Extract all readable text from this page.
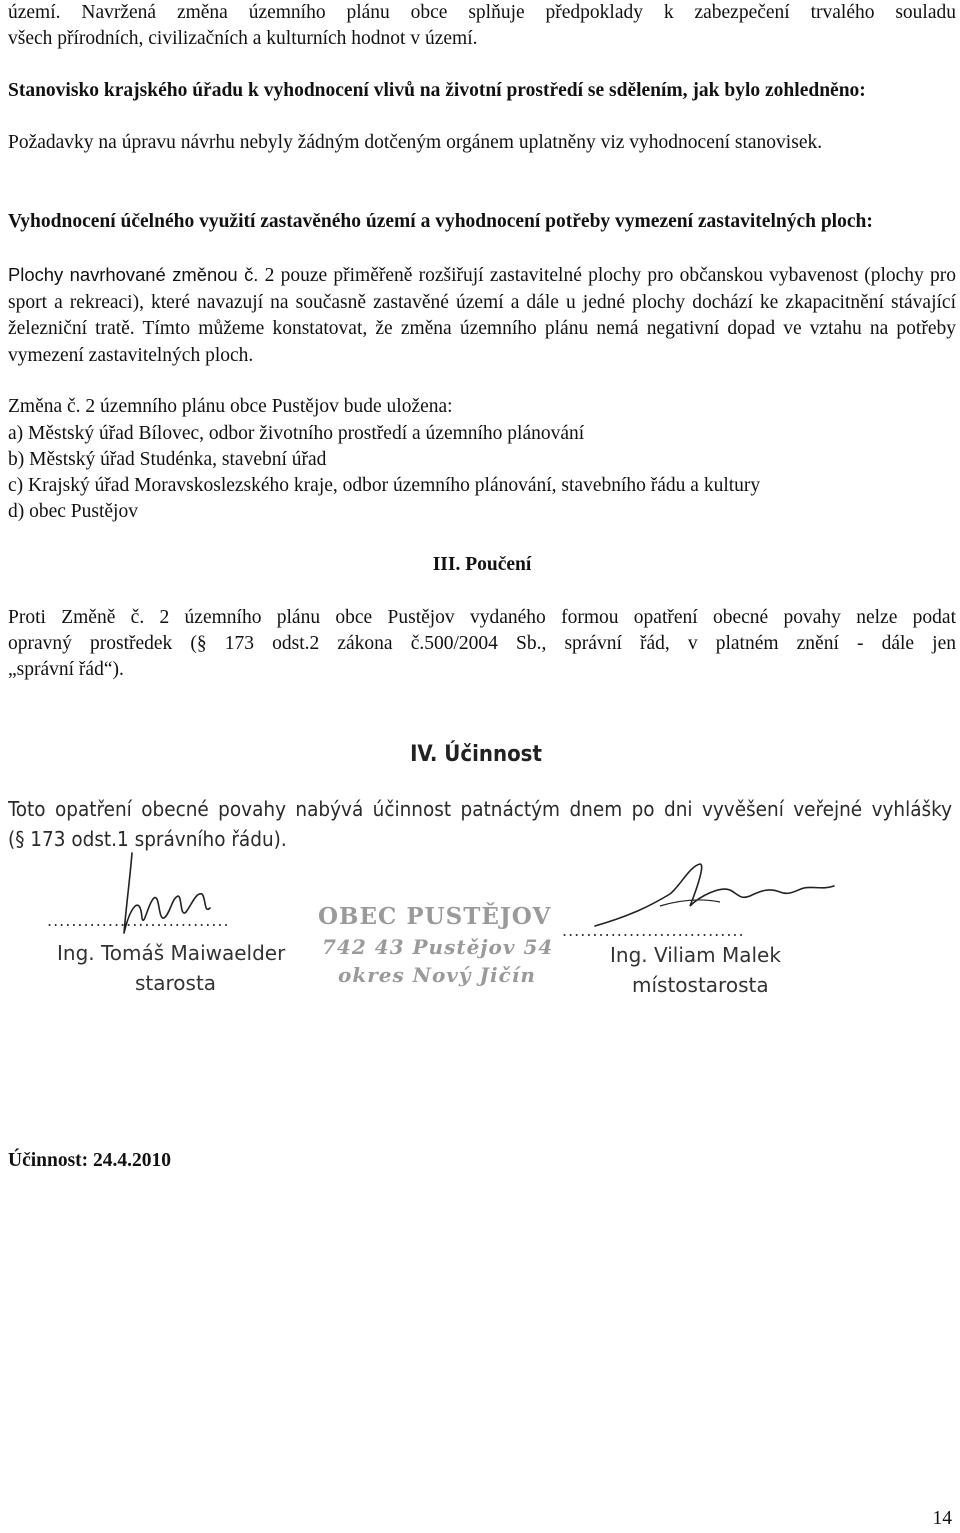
území. Navržená změna územního plánu obce splňuje předpoklady k zabezpečení trvalého souladu

všech přírodních, civilizačních a kulturních hodnot v území.

Stanovisko krajského úřadu k vyhodnocení vlivů na životní prostředí se sdělením, jak bylo zohledněno:

Požadavky na úpravu návrhu nebyly žádným dotčeným orgánem uplatněny viz vyhodnocení stanovisek.

Vyhodnocení účelného využití zastavěného území a vyhodnocení potřeby vymezení zastavitelných ploch:

Plochy navrhované změnou č. 2 pouze přiměřeně rozšiřují zastavitelné plochy pro občanskou vybavenost (plochy pro sport a rekreaci), které navazují na současně zastavěné území a dále u jedné plochy dochází ke zkapacitnění stávající železniční tratě. Tímto můžeme konstatovat, že změna územního plánu nemá negativní dopad ve vztahu na potřeby vymezení zastavitelných ploch.

Změna č. 2 územního plánu obce Pustějov bude uložena:

a) Městský úřad Bílovec, odbor životního prostředí a územního plánování

b) Městský úřad Studénka, stavební úřad

c) Krajský úřad Moravskoslezského kraje, odbor územního plánování, stavebního řádu a kultury

d) obec Pustějov

III. Poučení

Proti Změně č. 2 územního plánu obce Pustějov vydaného formou opatření obecné povahy nelze podat

opravný prostředek (§ 173 odst.2 zákona č.500/2004 Sb., správní řád, v platném znění - dále jen

„správní řád“).

IV. Účinnost
Toto opatření obecné povahy nabývá účinnost patnáctým dnem po dni vyvěšení veřejné vyhlášky
(§ 173 odst.1 správního řádu).
OBEC PUSTĚJOV
742 43 Pustějov 54
okres Nový Jičín
..............................
Ing. Tomáš Maiwaelder
starosta
..............................
Ing. Viliam Malek
místostarosta

Účinnost: 24.4.2010

14
